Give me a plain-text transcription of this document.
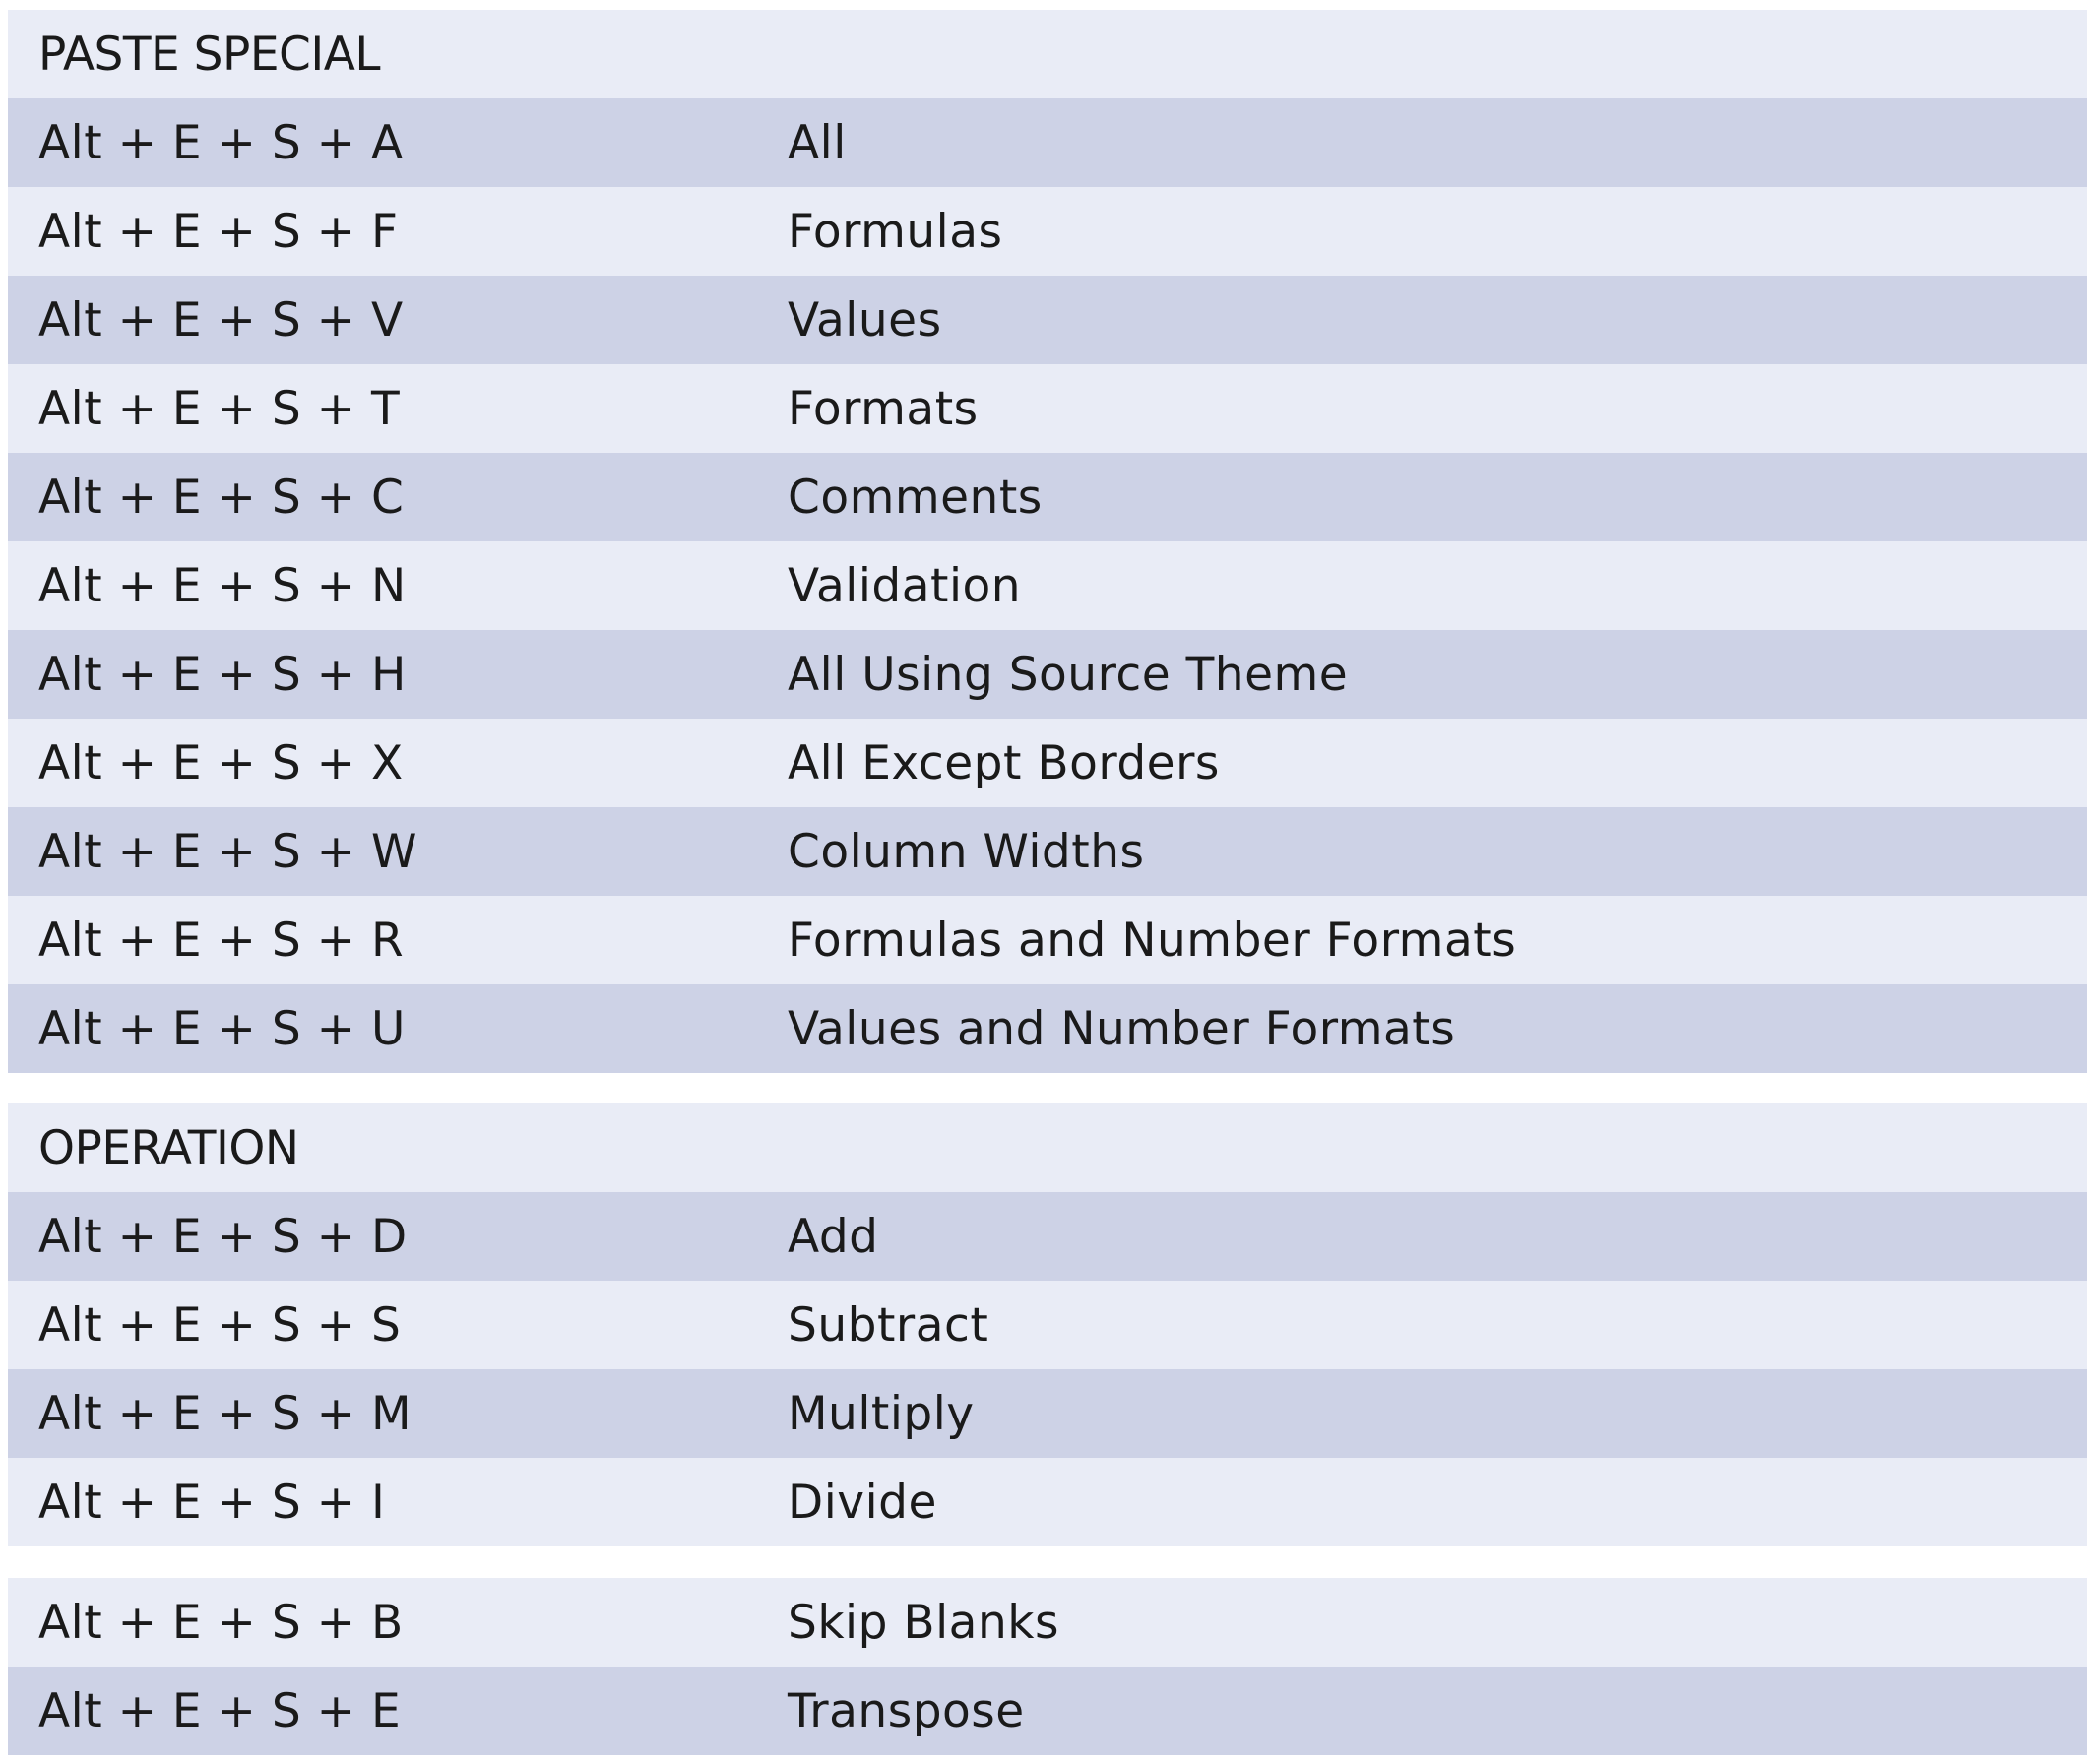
PASTE SPECIAL
Alt + E + S + A	All
Alt + E + S + F	Formulas
Alt + E + S + V	Values
Alt + E + S + T	Formats
Alt + E + S + C	Comments
Alt + E + S + N	Validation
Alt + E + S + H	All Using Source Theme
Alt + E + S + X	All Except Borders
Alt + E + S + W	Column Widths
Alt + E + S + R	Formulas and Number Formats
Alt + E + S + U	Values and Number Formats
OPERATION
Alt + E + S + D	Add
Alt + E + S + S	Subtract
Alt + E + S + M	Multiply
Alt + E + S + I	Divide
Alt + E + S + B	Skip Blanks
Alt + E + S + E	Transpose
